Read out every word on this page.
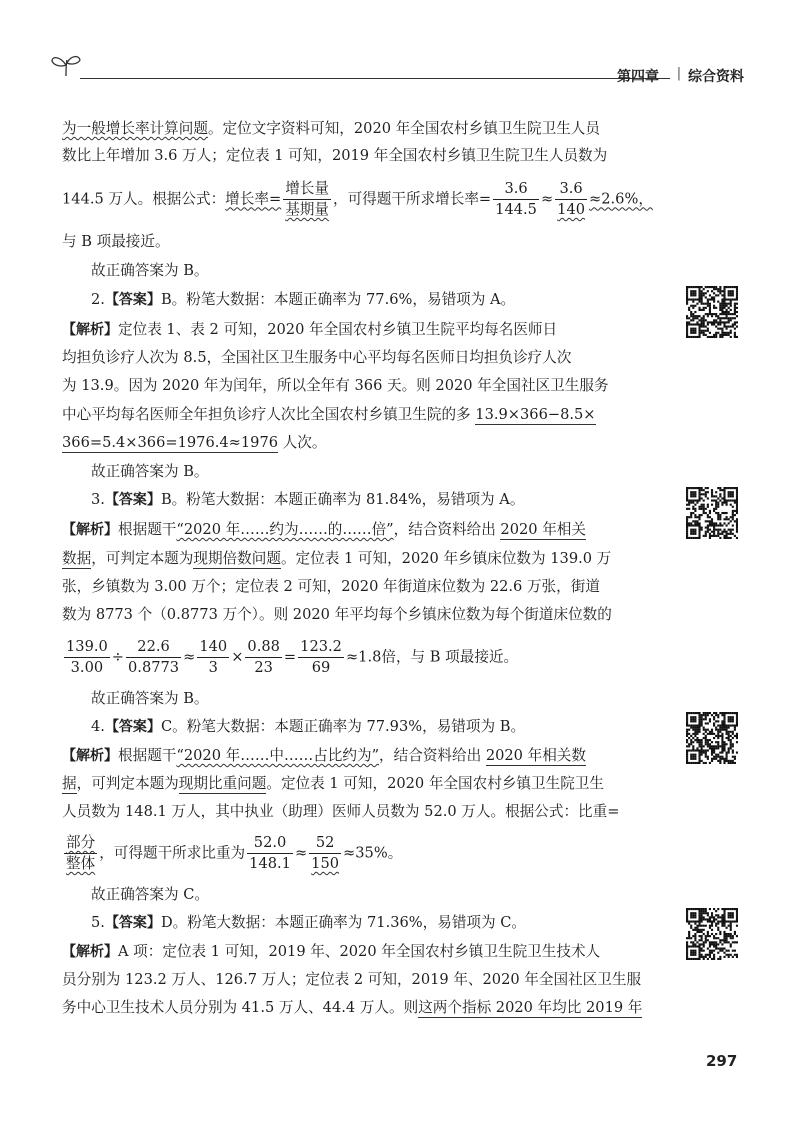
第四章 | 综合资料
为一般增长率计算问题。定位文字资料可知，2020 年全国农村乡镇卫生院卫生人员
数比上年增加 3.6 万人；定位表 1 可知，2019 年全国农村乡镇卫生院卫生人员数为
144.5 万人。根据公式：增长率=
增长量
基期量
，可得题干所求增长率= $\frac{3.6}{144.5} \approx \frac{3.6}{140} \approx 2.6\%$，
与 B 项最接近。
故正确答案为 B。
2.【答案】B。粉笔大数据：本题正确率为 77.6%，易错项为 A。
【解析】定位表 1、表 2 可知，2020 年全国农村乡镇卫生院平均每名医师日
均担负诊疗人次为 8.5，全国社区卫生服务中心平均每名医师日均担负诊疗人次
为 13.9。因为 2020 年为闰年，所以全年有 366 天。则 2020 年全国社区卫生服务
中心平均每名医师全年担负诊疗人次比全国农村乡镇卫生院的多 13.9×366−8.5×
366=5.4×366=1976.4≈1976 人次。
故正确答案为 B。
3.【答案】B。粉笔大数据：本题正确率为 81.84%，易错项为 A。
【解析】根据题干“2020 年……约为……的……倍”，结合资料给出 2020 年相关
数据，可判定本题为现期倍数问题。定位表 1 可知，2020 年乡镇床位数为 139.0 万
张，乡镇数为 3.00 万个；定位表 2 可知，2020 年街道床位数为 22.6 万张，街道
数为 8773 个（0.8773 万个）。则 2020 年平均每个乡镇床位数为每个街道床位数的
$\frac{139.0}{3.00} \div \frac{22.6}{0.8773} \approx \frac{140}{3} \times \frac{0.88}{23} = \frac{123.2}{69} \approx 1.8$倍，与 B 项最接近。
故正确答案为 B。
4.【答案】C。粉笔大数据：本题正确率为 77.93%，易错项为 B。
【解析】根据题干“2020 年……中……占比约为”，结合资料给出 2020 年相关数
据，可判定本题为现期比重问题。定位表 1 可知，2020 年全国农村乡镇卫生院卫生
人员数为 148.1 万人，其中执业（助理）医师人员数为 52.0 万人。根据公式：比重=
部分
整体
，可得题干所求比重为 $\frac{52.0}{148.1} \approx \frac{52}{150} \approx 35\%$。
故正确答案为 C。
5.【答案】D。粉笔大数据：本题正确率为 71.36%，易错项为 C。
【解析】A 项：定位表 1 可知，2019 年、2020 年全国农村乡镇卫生院卫生技术人
员分别为 123.2 万人、126.7 万人；定位表 2 可知，2019 年、2020 年全国社区卫生服
务中心卫生技术人员分别为 41.5 万人、44.4 万人。则这两个指标 2020 年均比 2019 年
297
